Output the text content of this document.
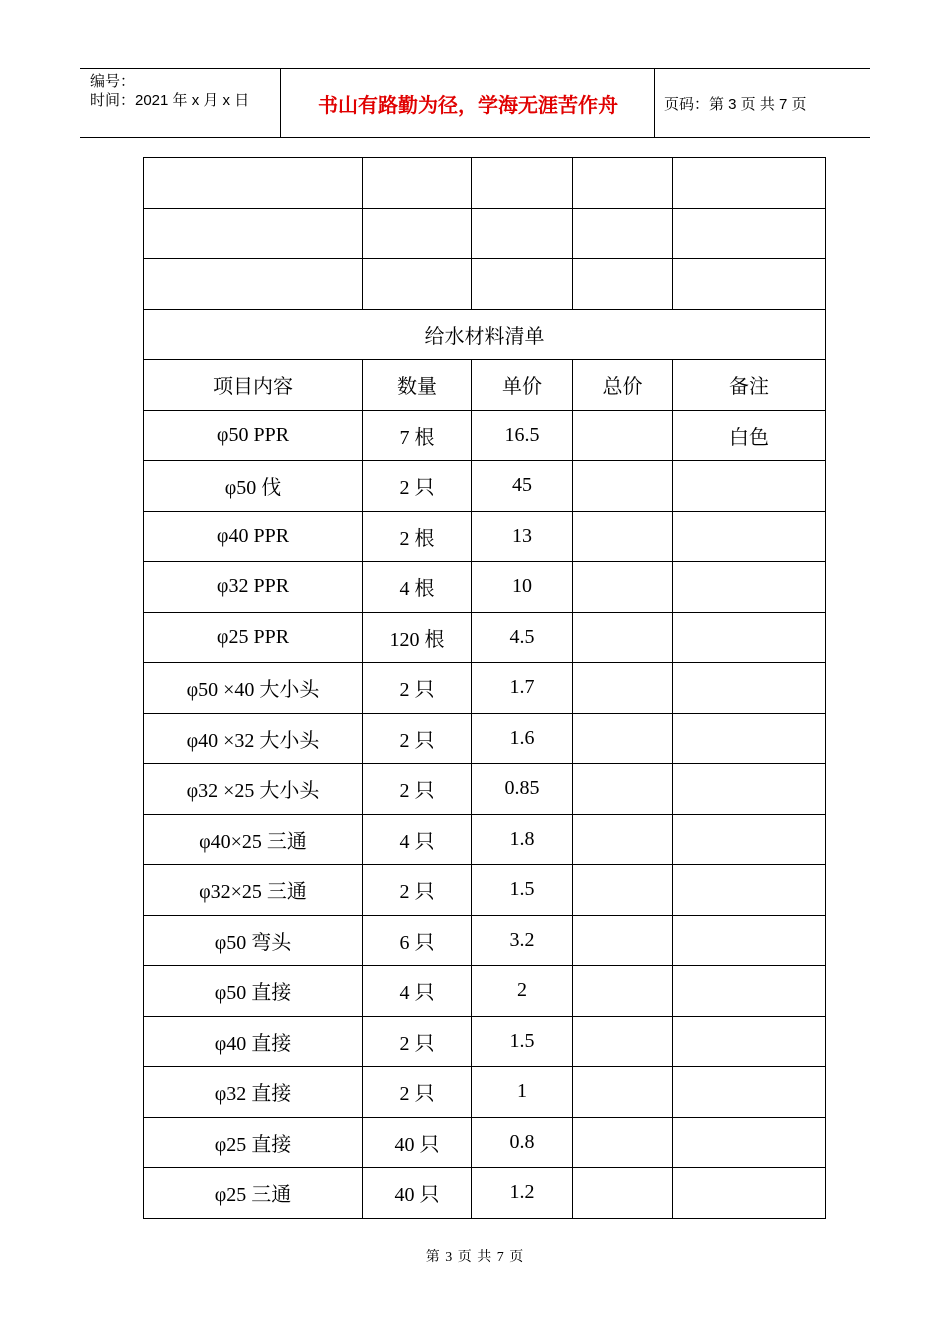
编号：
时间：2021 年 x 月 x 日	书山有路勤为径，学海无涯苦作舟	页码：第 3 页 共 7 页

给水材料清单				
项目内容	数量	单价	总价	备注
φ50 PPR	7 根	16.5		白色
φ50 伐	2 只	45		
φ40 PPR	2 根	13		
φ32 PPR	4 根	10		
φ25 PPR	120 根	4.5		
φ50 ×40 大小头	2 只	1.7		
φ40 ×32 大小头	2 只	1.6		
φ32 ×25 大小头	2 只	0.85		
φ40×25 三通	4 只	1.8		
φ32×25 三通	2 只	1.5		
φ50 弯头	6 只	3.2		
φ50 直接	4 只	2		
φ40 直接	2 只	1.5		
φ32 直接	2 只	1		
φ25 直接	40 只	0.8		
φ25 三通	40 只	1.2		
第 3 页 共 7 页
